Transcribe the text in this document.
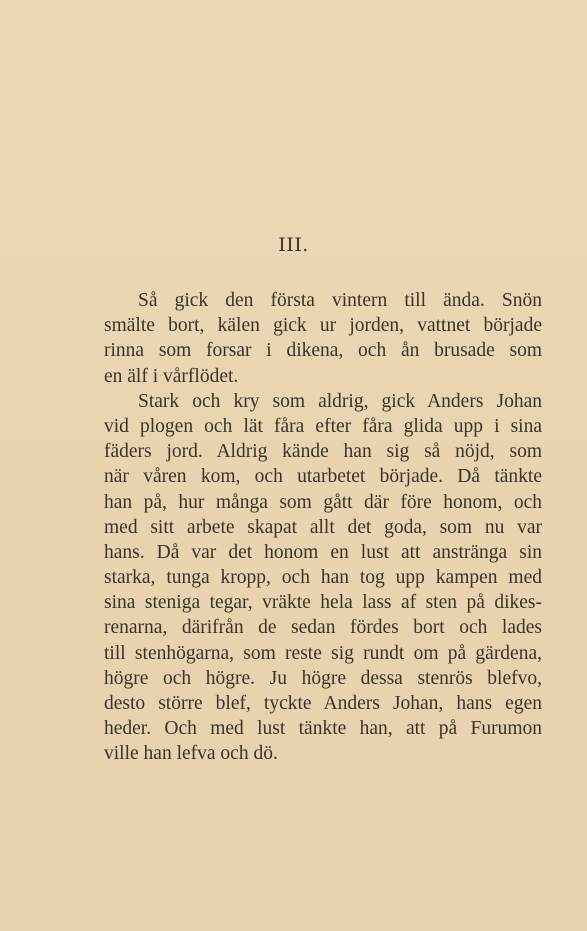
III.
Så gick den första vintern till ända. Snön
smälte bort, kälen gick ur jorden, vattnet började
rinna som forsar i dikena, och ån brusade som
en älf i vårflödet.
Stark och kry som aldrig, gick Anders Johan
vid plogen och lät fåra efter fåra glida upp i sina
fäders jord. Aldrig kände han sig så nöjd, som
när våren kom, och utarbetet började. Då tänkte
han på, hur många som gått där före honom, och
med sitt arbete skapat allt det goda, som nu var
hans. Då var det honom en lust att anstränga sin
starka, tunga kropp, och han tog upp kampen med
sina steniga tegar, vräkte hela lass af sten på dikes-
renarna, därifrån de sedan fördes bort och lades
till stenhögarna, som reste sig rundt om på gärdena,
högre och högre. Ju högre dessa stenrös blefvo,
desto större blef, tyckte Anders Johan, hans egen
heder. Och med lust tänkte han, att på Furumon
ville han lefva och dö.
